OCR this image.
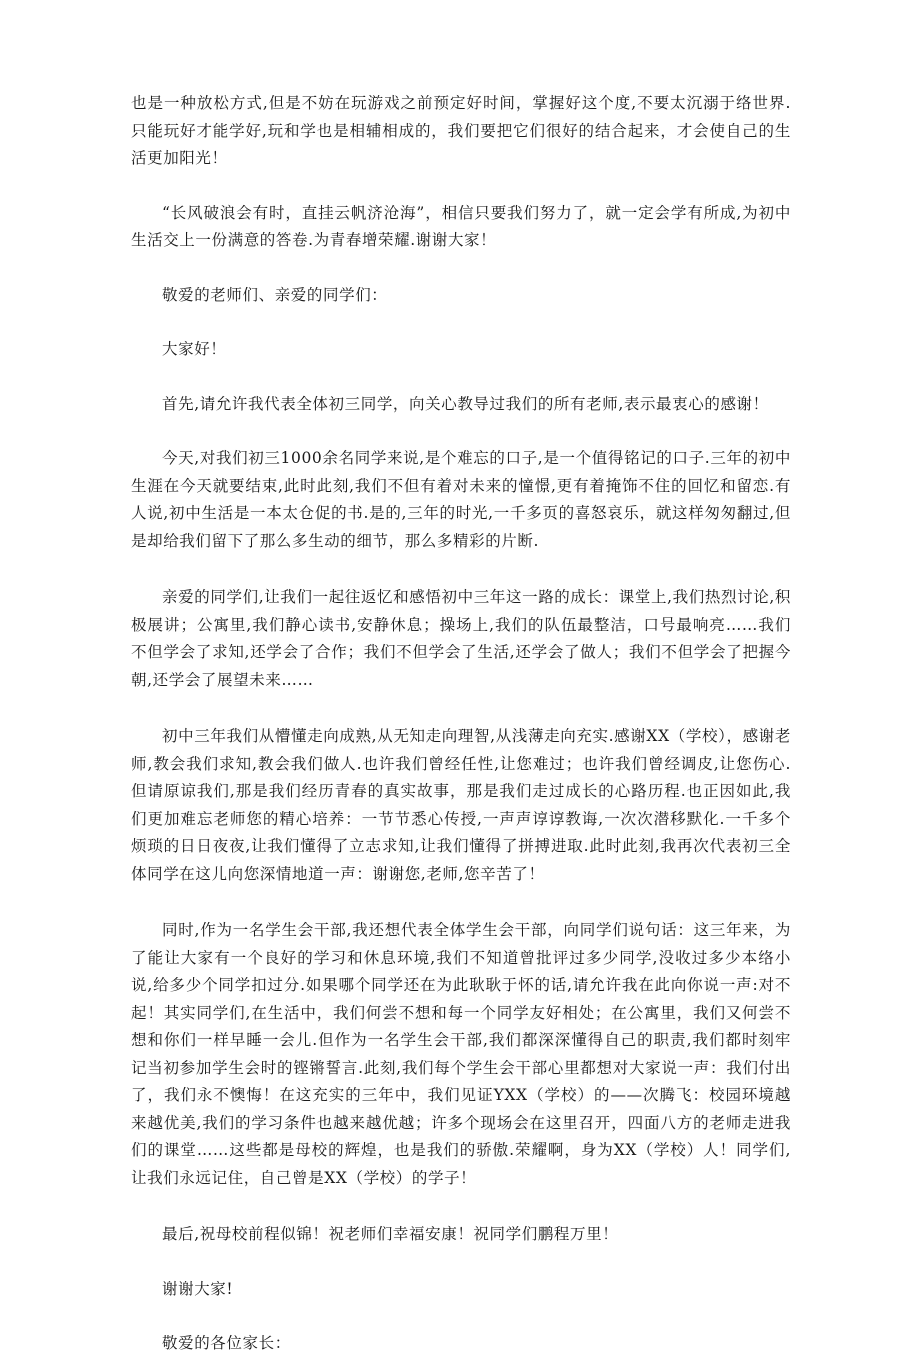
也是一种放松方式,但是不妨在玩游戏之前预定好时间，掌握好这个度,不要太沉溺于络世界.只能玩好才能学好,玩和学也是相辅相成的，我们要把它们很好的结合起来，才会使自己的生活更加阳光！

“长风破浪会有时，直挂云帆济沧海”，相信只要我们努力了，就一定会学有所成,为初中生活交上一份满意的答卷.为青春增荣耀.谢谢大家！

敬爱的老师们、亲爱的同学们：

大家好！

首先,请允许我代表全体初三同学，向关心教导过我们的所有老师,表示最衷心的感谢！

今天,对我们初三1000余名同学来说,是个难忘的口子,是一个值得铭记的口子.三年的初中生涯在今天就要结束,此时此刻,我们不但有着对未来的憧憬,更有着掩饰不住的回忆和留恋.有人说,初中生活是一本太仓促的书.是的,三年的时光,一千多页的喜怒哀乐，就这样匆匆翻过,但是却给我们留下了那么多生动的细节，那么多精彩的片断.

亲爱的同学们,让我们一起往返忆和感悟初中三年这一路的成长：课堂上,我们热烈讨论,积极展讲；公寓里,我们静心读书,安静休息；操场上,我们的队伍最整洁，口号最响亮……我们不但学会了求知,还学会了合作；我们不但学会了生活,还学会了做人；我们不但学会了把握今朝,还学会了展望未来……

初中三年我们从懵懂走向成熟,从无知走向理智,从浅薄走向充实.感谢XX（学校），感谢老师,教会我们求知,教会我们做人.也许我们曾经任性,让您难过；也许我们曾经调皮,让您伤心.但请原谅我们,那是我们经历青春的真实故事，那是我们走过成长的心路历程.也正因如此,我们更加难忘老师您的精心培养：一节节悉心传授,一声声谆谆教诲,一次次潜移默化.一千多个烦琐的日日夜夜,让我们懂得了立志求知,让我们懂得了拼搏进取.此时此刻,我再次代表初三全体同学在这儿向您深情地道一声：谢谢您,老师,您辛苦了！

同时,作为一名学生会干部,我还想代表全体学生会干部，向同学们说句话：这三年来，为了能让大家有一个良好的学习和休息环境,我们不知道曾批评过多少同学,没收过多少本络小说,给多少个同学扣过分.如果哪个同学还在为此耿耿于怀的话,请允许我在此向你说一声:对不起！其实同学们,在生活中，我们何尝不想和每一个同学友好相处；在公寓里，我们又何尝不想和你们一样早睡一会儿.但作为一名学生会干部,我们都深深懂得自己的职责,我们都时刻牢记当初参加学生会时的铿锵誓言.此刻,我们每个学生会干部心里都想对大家说一声：我们付出了，我们永不懊悔！在这充实的三年中，我们见证YXX（学校）的——次腾飞：校园环境越来越优美,我们的学习条件也越来越优越；许多个现场会在这里召开，四面八方的老师走进我们的课堂……这些都是母校的辉煌，也是我们的骄傲.荣耀啊，身为XX（学校）人！同学们,让我们永远记住，自己曾是XX（学校）的学子！

最后,祝母校前程似锦！祝老师们幸福安康！祝同学们鹏程万里！

谢谢大家!

敬爱的各位家长：
